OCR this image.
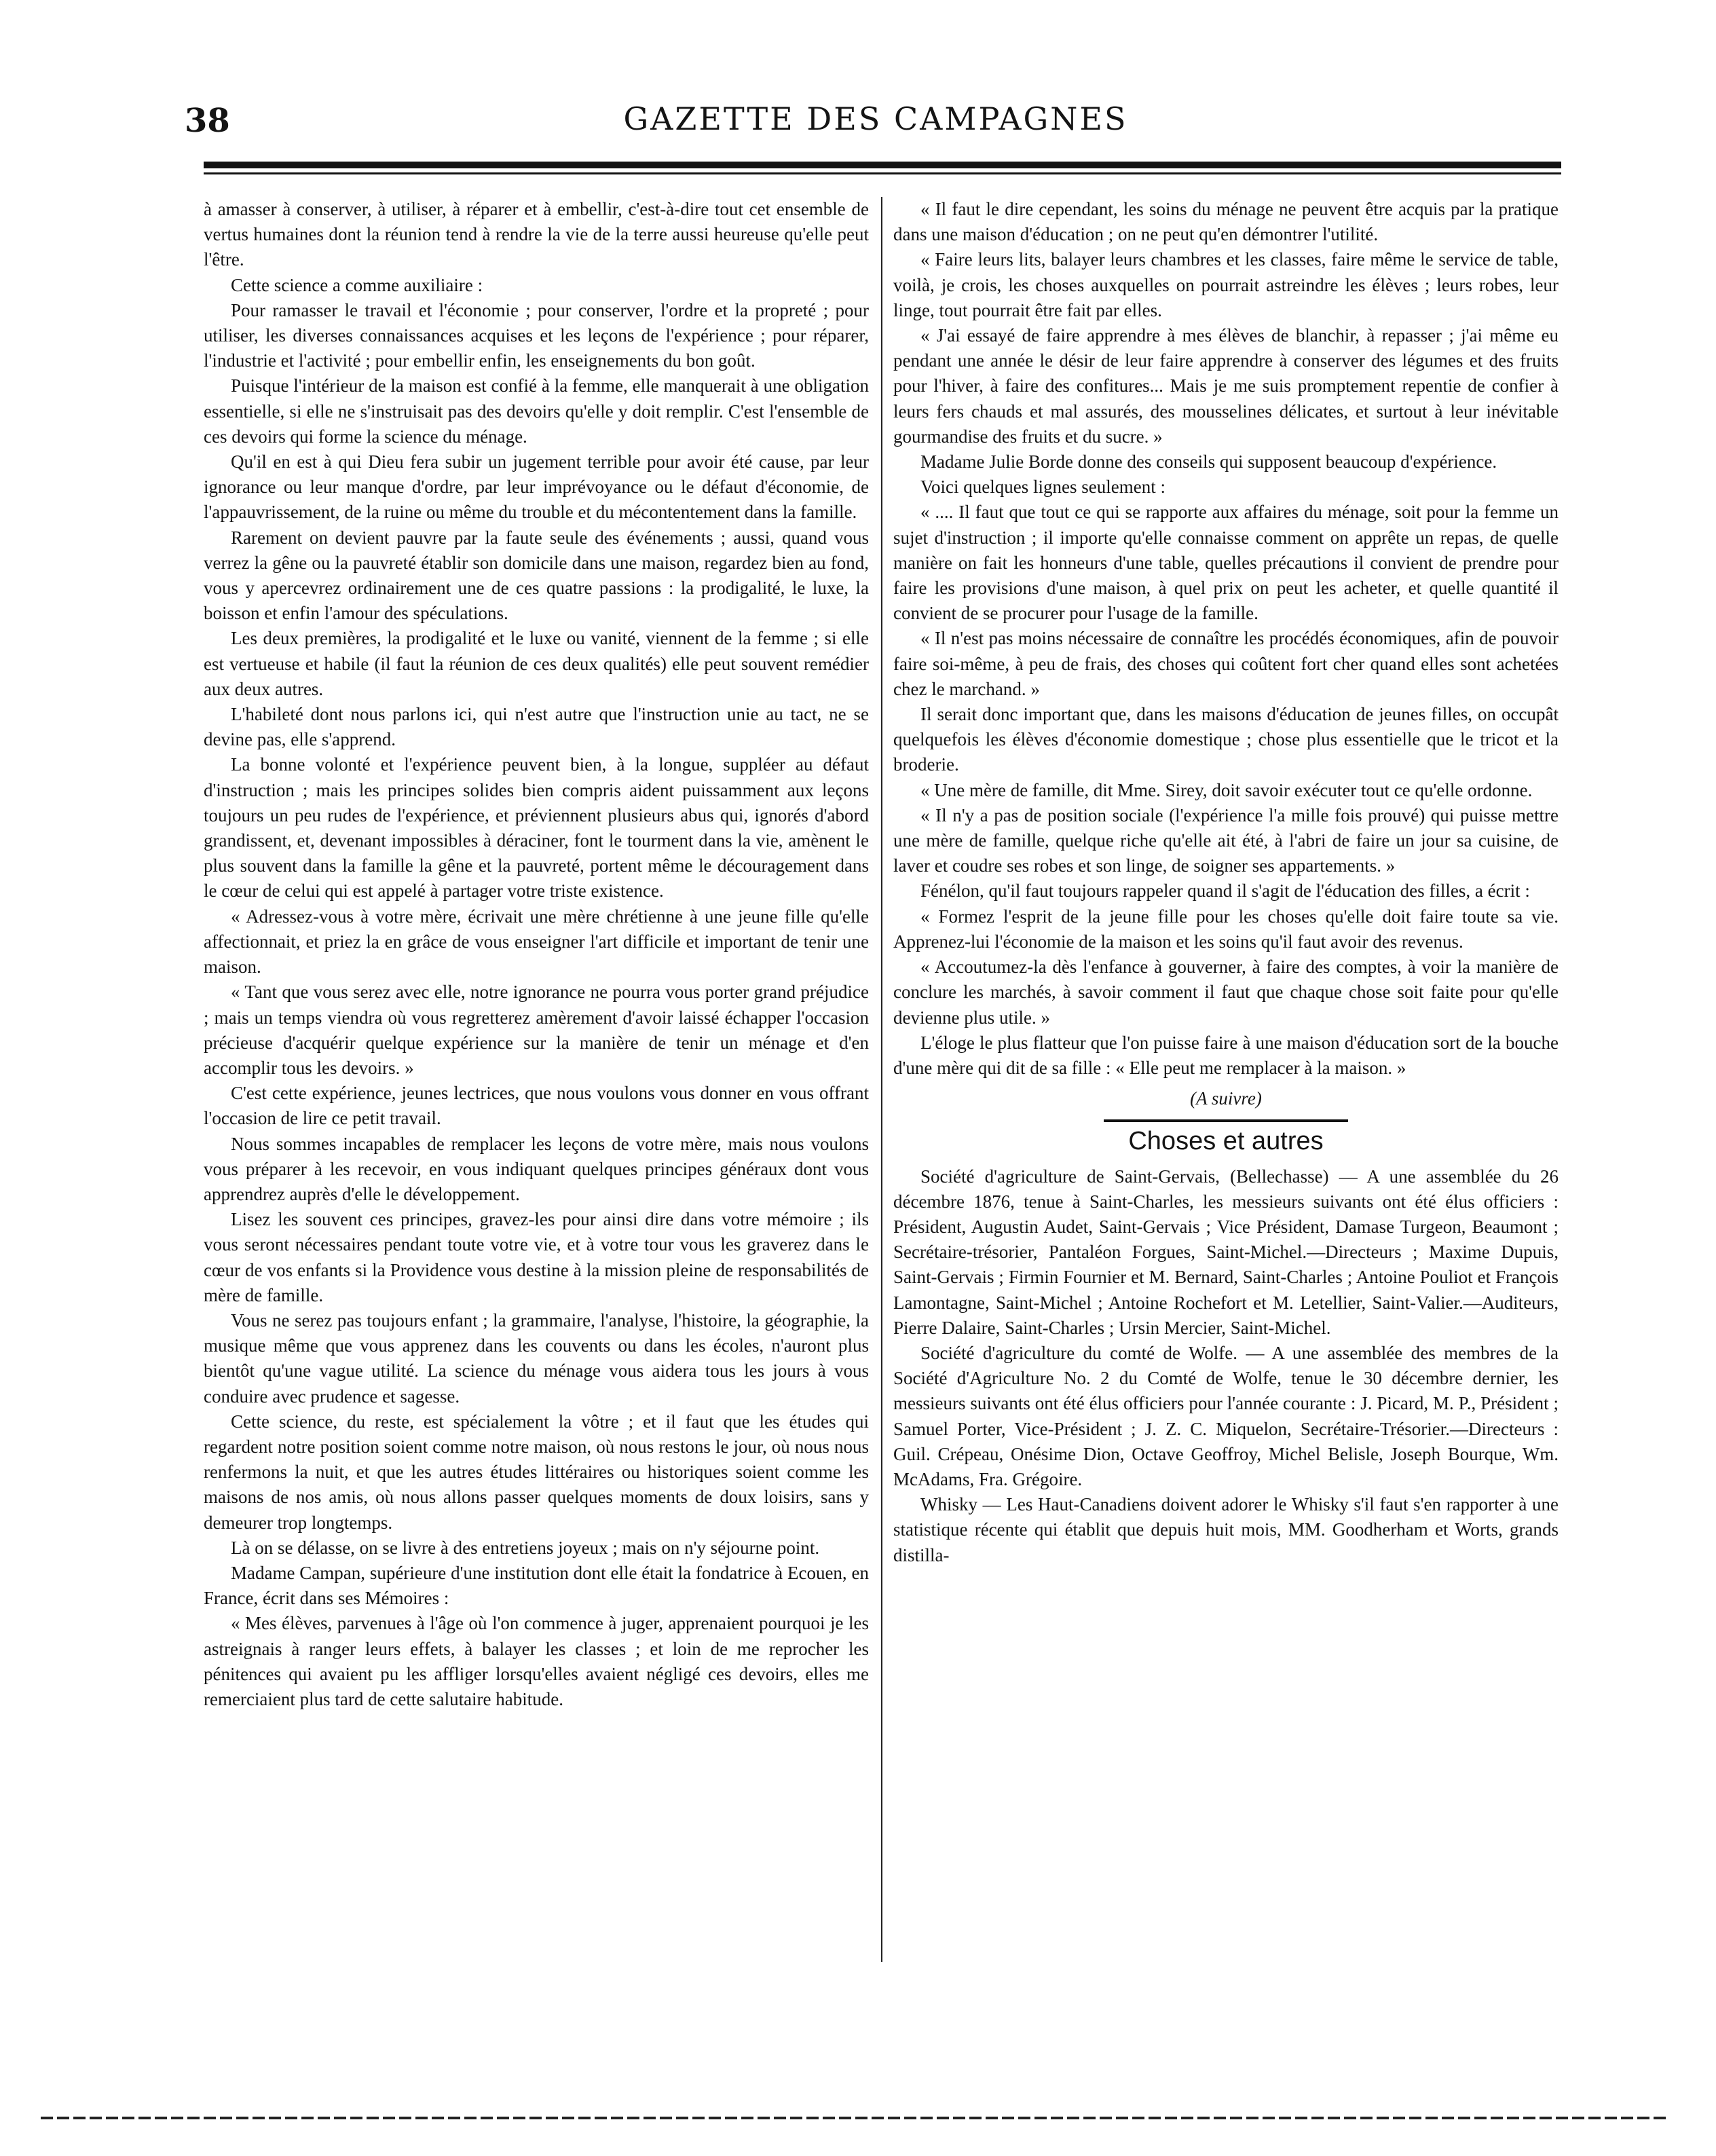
38	GAZETTE DES CAMPAGNES

à amasser à conserver, à utiliser, à réparer et à embellir, c'est-à-dire tout cet ensemble de vertus humaines dont la réunion tend à rendre la vie de la terre aussi heureuse qu'elle peut l'être.

Cette science a comme auxiliaire :

Pour ramasser le travail et l'économie ; pour conserver, l'ordre et la propreté ; pour utiliser, les diverses connaissances acquises et les leçons de l'expérience ; pour réparer, l'industrie et l'activité ; pour embellir enfin, les enseignements du bon goût.

Puisque l'intérieur de la maison est confié à la femme, elle manquerait à une obligation essentielle, si elle ne s'instruisait pas des devoirs qu'elle y doit remplir. C'est l'ensemble de ces devoirs qui forme la science du ménage.

Qu'il en est à qui Dieu fera subir un jugement terrible pour avoir été cause, par leur ignorance ou leur manque d'ordre, par leur imprévoyance ou le défaut d'économie, de l'appauvrissement, de la ruine ou même du trouble et du mécontentement dans la famille.

Rarement on devient pauvre par la faute seule des événements ; aussi, quand vous verrez la gêne ou la pauvreté établir son domicile dans une maison, regardez bien au fond, vous y apercevrez ordinairement une de ces quatre passions : la prodigalité, le luxe, la boisson et enfin l'amour des spéculations.

Les deux premières, la prodigalité et le luxe ou vanité, viennent de la femme ; si elle est vertueuse et habile (il faut la réunion de ces deux qualités) elle peut souvent remédier aux deux autres.

L'habileté dont nous parlons ici, qui n'est autre que l'instruction unie au tact, ne se devine pas, elle s'apprend.

La bonne volonté et l'expérience peuvent bien, à la longue, suppléer au défaut d'instruction ; mais les principes solides bien compris aident puissamment aux leçons toujours un peu rudes de l'expérience, et préviennent plusieurs abus qui, ignorés d'abord grandissent, et, devenant impossibles à déraciner, font le tourment dans la vie, amènent le plus souvent dans la famille la gêne et la pauvreté, portent même le découragement dans le cœur de celui qui est appelé à partager votre triste existence.

« Adressez-vous à votre mère, écrivait une mère chrétienne à une jeune fille qu'elle affectionnait, et priez la en grâce de vous enseigner l'art difficile et important de tenir une maison.

« Tant que vous serez avec elle, notre ignorance ne pourra vous porter grand préjudice ; mais un temps viendra où vous regretterez amèrement d'avoir laissé échapper l'occasion précieuse d'acquérir quelque expérience sur la manière de tenir un ménage et d'en accomplir tous les devoirs. »

C'est cette expérience, jeunes lectrices, que nous voulons vous donner en vous offrant l'occasion de lire ce petit travail.

Nous sommes incapables de remplacer les leçons de votre mère, mais nous voulons vous préparer à les recevoir, en vous indiquant quelques principes généraux dont vous apprendrez auprès d'elle le développement.

Lisez les souvent ces principes, gravez-les pour ainsi dire dans votre mémoire ; ils vous seront nécessaires pendant toute votre vie, et à votre tour vous les graverez dans le cœur de vos enfants si la Providence vous destine à la mission pleine de responsabilités de mère de famille.

Vous ne serez pas toujours enfant ; la grammaire, l'analyse, l'histoire, la géographie, la musique même que vous apprenez dans les couvents ou dans les écoles, n'auront plus bientôt qu'une vague utilité. La science du ménage vous aidera tous les jours à vous conduire avec prudence et sagesse.

Cette science, du reste, est spécialement la vôtre ; et il faut que les études qui regardent notre position soient comme notre maison, où nous restons le jour, où nous nous renfermons la nuit, et que les autres études littéraires ou historiques soient comme les maisons de nos amis, où nous allons passer quelques moments de doux loisirs, sans y demeurer trop longtemps.

Là on se délasse, on se livre à des entretiens joyeux ; mais on n'y séjourne point.

Madame Campan, supérieure d'une institution dont elle était la fondatrice à Ecouen, en France, écrit dans ses Mémoires :

« Mes élèves, parvenues à l'âge où l'on commence à juger, apprenaient pourquoi je les astreignais à ranger leurs effets, à balayer les classes ; et loin de me reprocher les pénitences qui avaient pu les affliger lorsqu'elles avaient négligé ces devoirs, elles me remerciaient plus tard de cette salutaire habitude.

« Il faut le dire cependant, les soins du ménage ne peuvent être acquis par la pratique dans une maison d'éducation ; on ne peut qu'en démontrer l'utilité.

« Faire leurs lits, balayer leurs chambres et les classes, faire même le service de table, voilà, je crois, les choses auxquelles on pourrait astreindre les élèves ; leurs robes, leur linge, tout pourrait être fait par elles.

« J'ai essayé de faire apprendre à mes élèves de blanchir, à repasser ; j'ai même eu pendant une année le désir de leur faire apprendre à conserver des légumes et des fruits pour l'hiver, à faire des confitures... Mais je me suis promptement repentie de confier à leurs fers chauds et mal assurés, des mousselines délicates, et surtout à leur inévitable gourmandise des fruits et du sucre. »

Madame Julie Borde donne des conseils qui supposent beaucoup d'expérience.

Voici quelques lignes seulement :

« .... Il faut que tout ce qui se rapporte aux affaires du ménage, soit pour la femme un sujet d'instruction ; il importe qu'elle connaisse comment on apprête un repas, de quelle manière on fait les honneurs d'une table, quelles précautions il convient de prendre pour faire les provisions d'une maison, à quel prix on peut les acheter, et quelle quantité il convient de se procurer pour l'usage de la famille.

« Il n'est pas moins nécessaire de connaître les procédés économiques, afin de pouvoir faire soi-même, à peu de frais, des choses qui coûtent fort cher quand elles sont achetées chez le marchand. »

Il serait donc important que, dans les maisons d'éducation de jeunes filles, on occupât quelquefois les élèves d'économie domestique ; chose plus essentielle que le tricot et la broderie.

« Une mère de famille, dit Mme. Sirey, doit savoir exécuter tout ce qu'elle ordonne.

« Il n'y a pas de position sociale (l'expérience l'a mille fois prouvé) qui puisse mettre une mère de famille, quelque riche qu'elle ait été, à l'abri de faire un jour sa cuisine, de laver et coudre ses robes et son linge, de soigner ses appartements. »

Fénélon, qu'il faut toujours rappeler quand il s'agit de l'éducation des filles, a écrit :

« Formez l'esprit de la jeune fille pour les choses qu'elle doit faire toute sa vie. Apprenez-lui l'économie de la maison et les soins qu'il faut avoir des revenus.

« Accoutumez-la dès l'enfance à gouverner, à faire des comptes, à voir la manière de conclure les marchés, à savoir comment il faut que chaque chose soit faite pour qu'elle devienne plus utile. »

L'éloge le plus flatteur que l'on puisse faire à une maison d'éducation sort de la bouche d'une mère qui dit de sa fille : « Elle peut me remplacer à la maison. »

(A suivre)
Choses et autres

Société d'agriculture de Saint-Gervais, (Bellechasse) — A une assemblée du 26 décembre 1876, tenue à Saint-Charles, les messieurs suivants ont été élus officiers : Président, Augustin Audet, Saint-Gervais ; Vice Président, Damase Turgeon, Beaumont ; Secrétaire-trésorier, Pantaléon Forgues, Saint-Michel.—Directeurs ; Maxime Dupuis, Saint-Gervais ; Firmin Fournier et M. Bernard, Saint-Charles ; Antoine Pouliot et François Lamontagne, Saint-Michel ; Antoine Rochefort et M. Letellier, Saint-Valier.—Auditeurs, Pierre Dalaire, Saint-Charles ; Ursin Mercier, Saint-Michel.

Société d'agriculture du comté de Wolfe. — A une assemblée des membres de la Société d'Agriculture No. 2 du Comté de Wolfe, tenue le 30 décembre dernier, les messieurs suivants ont été élus officiers pour l'année courante : J. Picard, M. P., Président ; Samuel Porter, Vice-Président ; J. Z. C. Miquelon, Secrétaire-Trésorier.—Directeurs : Guil. Crépeau, Onésime Dion, Octave Geoffroy, Michel Belisle, Joseph Bourque, Wm. McAdams, Fra. Grégoire.

Whisky — Les Haut-Canadiens doivent adorer le Whisky s'il faut s'en rapporter à une statistique récente qui établit que depuis huit mois, MM. Goodherham et Worts, grands distilla-
